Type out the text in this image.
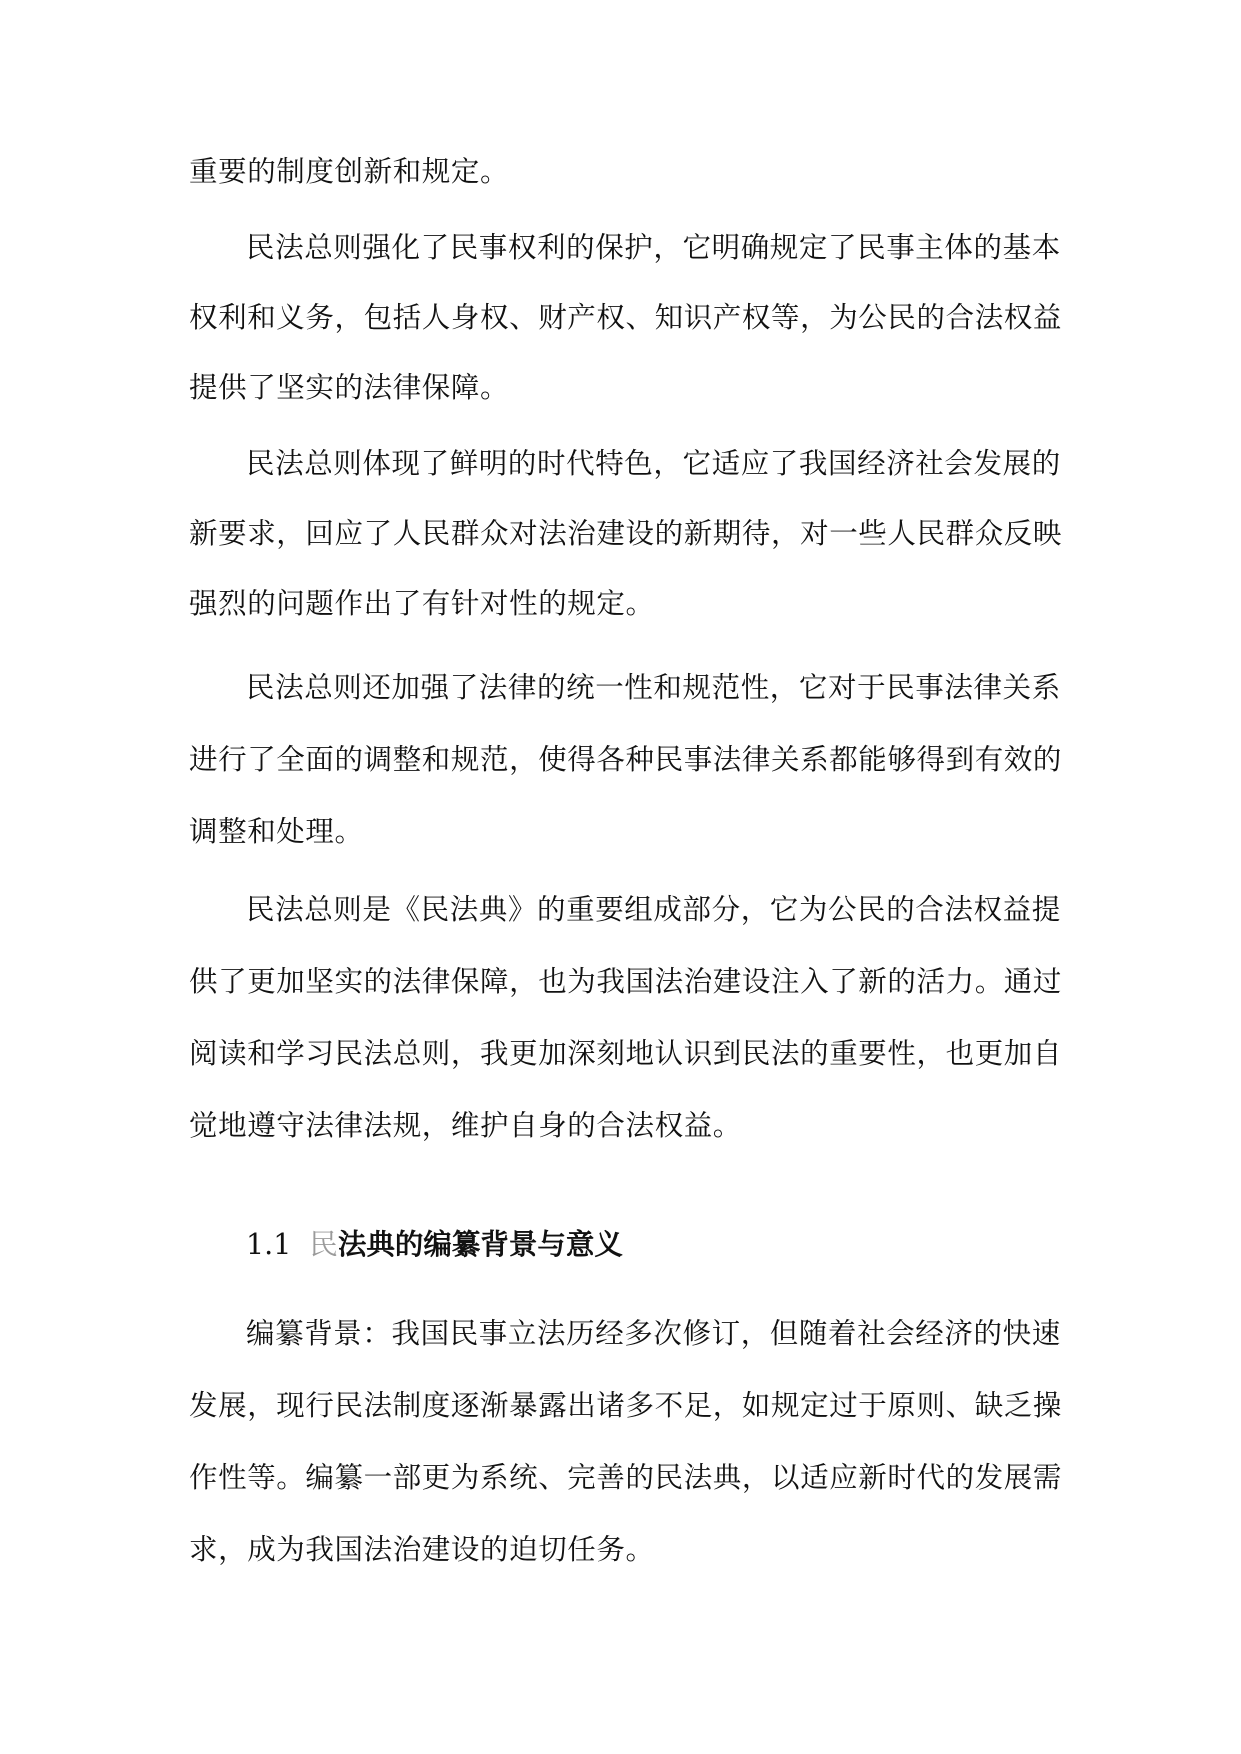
重要的制度创新和规定。
民法总则强化了民事权利的保护，它明确规定了民事主体的基本
权利和义务，包括人身权、财产权、知识产权等，为公民的合法权益
提供了坚实的法律保障。
民法总则体现了鲜明的时代特色，它适应了我国经济社会发展的
新要求，回应了人民群众对法治建设的新期待，对一些人民群众反映
强烈的问题作出了有针对性的规定。
民法总则还加强了法律的统一性和规范性，它对于民事法律关系
进行了全面的调整和规范，使得各种民事法律关系都能够得到有效的
调整和处理。
民法总则是《民法典》的重要组成部分，它为公民的合法权益提
供了更加坚实的法律保障，也为我国法治建设注入了新的活力。通过
阅读和学习民法总则，我更加深刻地认识到民法的重要性，也更加自
觉地遵守法律法规，维护自身的合法权益。
1.1 民法典的编纂背景与意义
编纂背景：我国民事立法历经多次修订，但随着社会经济的快速
发展，现行民法制度逐渐暴露出诸多不足，如规定过于原则、缺乏操
作性等。编纂一部更为系统、完善的民法典，以适应新时代的发展需
求，成为我国法治建设的迫切任务。
